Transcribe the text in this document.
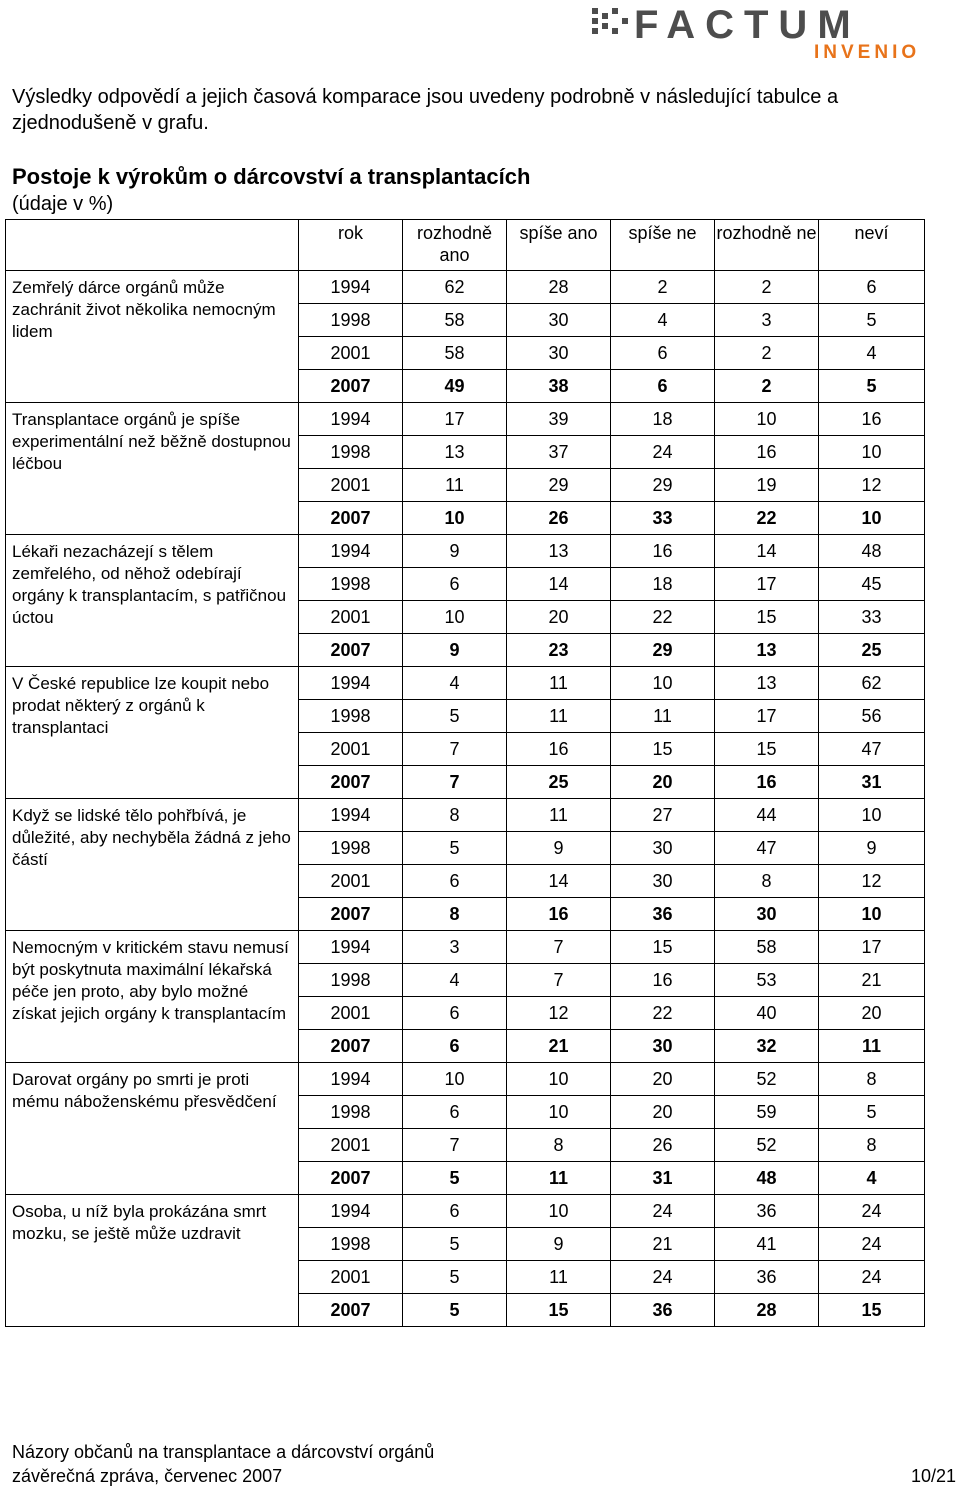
FACTUM
INVENIO
Výsledky odpovědí a jejich časová komparace jsou uvedeny podrobně v následující tabulce a zjednodušeně v grafu.
Postoje k výrokům o dárcovství a transplantacích
(údaje v %)
	rok	rozhodně ano	spíše ano	spíše ne	rozhodně ne	neví
Zemřelý dárce orgánů může zachránit život několika nemocným lidem	1994	62	28	2	2	6
	1998	58	30	4	3	5
	2001	58	30	6	2	4
	2007	49	38	6	2	5
Transplantace orgánů je spíše experimentální než běžně dostupnou léčbou	1994	17	39	18	10	16
	1998	13	37	24	16	10
	2001	11	29	29	19	12
	2007	10	26	33	22	10
Lékaři nezacházejí s tělem zemřelého, od něhož odebírají orgány k transplantacím, s patřičnou úctou	1994	9	13	16	14	48
	1998	6	14	18	17	45
	2001	10	20	22	15	33
	2007	9	23	29	13	25
V České republice lze koupit nebo prodat některý z orgánů k transplantaci	1994	4	11	10	13	62
	1998	5	11	11	17	56
	2001	7	16	15	15	47
	2007	7	25	20	16	31
Když se lidské tělo pohřbívá, je důležité, aby nechyběla žádná z jeho částí	1994	8	11	27	44	10
	1998	5	9	30	47	9
	2001	6	14	30	8	12
	2007	8	16	36	30	10
Nemocným v kritickém stavu nemusí být poskytnuta maximální lékařská péče jen proto, aby bylo možné získat jejich orgány k transplantacím	1994	3	7	15	58	17
	1998	4	7	16	53	21
	2001	6	12	22	40	20
	2007	6	21	30	32	11
Darovat orgány po smrti je proti mému náboženskému přesvědčení	1994	10	10	20	52	8
	1998	6	10	20	59	5
	2001	7	8	26	52	8
	2007	5	11	31	48	4
Osoba, u níž byla prokázána smrt mozku, se ještě může uzdravit	1994	6	10	24	36	24
	1998	5	9	21	41	24
	2001	5	11	24	36	24
	2007	5	15	36	28	15
Názory občanů na transplantace a dárcovství orgánů
závěrečná zpráva, červenec 2007	10/21
